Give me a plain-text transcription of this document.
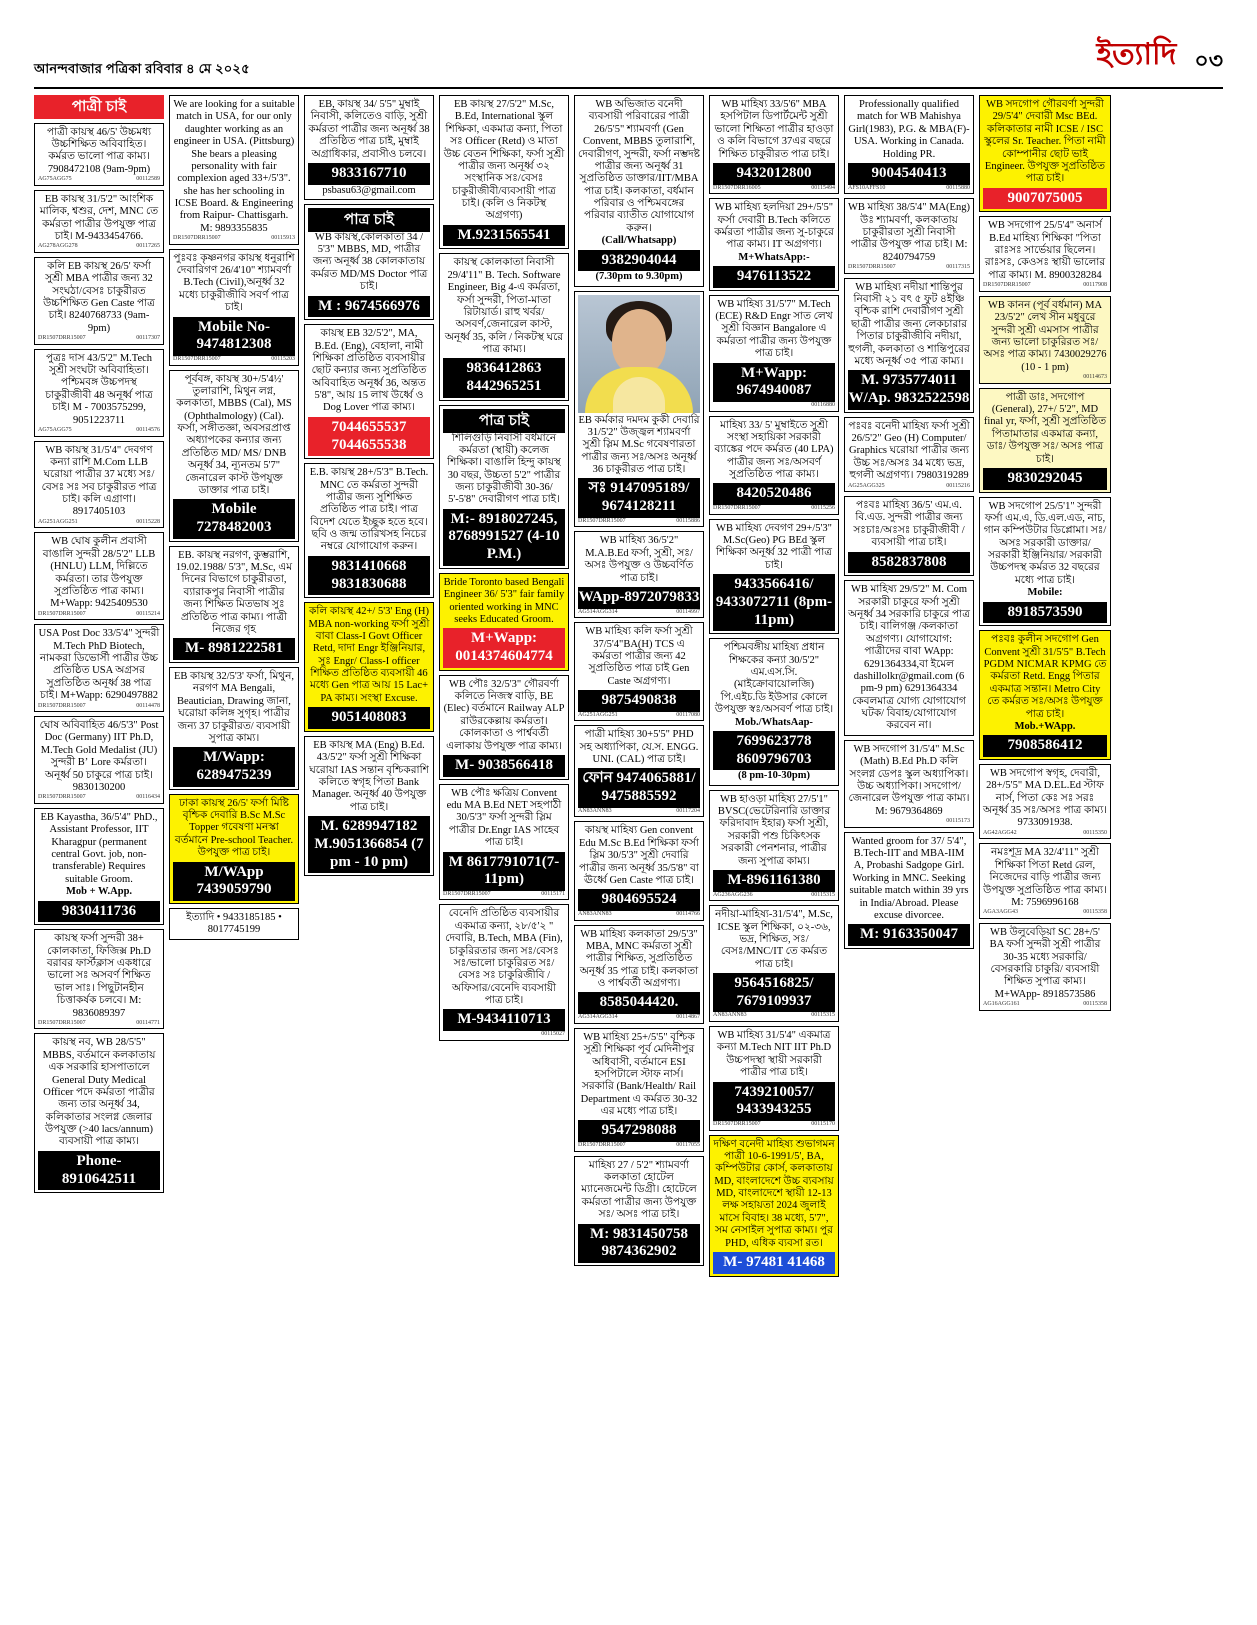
আনন্দবাজার পত্রিকা রবিবার ৪ মে ২০২৫	ইত্যাদি ০৩
পাত্রী চাই
পাত্রী কায়স্থ 46/5' উচ্চমধ্য উচ্চশিক্ষিত অবিবাহিত। কর্মরত ভালো পাত্র কাম্য। 7908472108 (9am-9pm)
AG75AGG75	00112589
EB কায়স্থ 31/5'2" আংশিক মালিক, শ্বশুর, দেশ, MNC তে কর্মরতা পাত্রীর উপযুক্ত পাত্র চাই। M-9433454766.
AG278AGG278	00117265
কলি EB কায়স্থ 26/5' ফর্সা সুশ্রী MBA পাত্রীর জন্য 32 সংঘঠা/বেসঃ চাকুরীরত উচ্চশিক্ষিত Gen Caste পাত্র চাই। 8240768733 (9am-9pm)
DR1507DRR15007	00117307
পুত্রঃ দাস 43/5'2" M.Tech সুশ্রী সংঘটা অবিবাহিতা। পশ্চিমবঙ্গ উচ্চপদস্থ চাকুরীজীবী 48 অনূর্ধ্ব পাত্র চাই। M - 7003575299, 9051223711
AG75AGG75	00114576
WB কায়স্থ 31/5'4" দেবগণ কন্যা রাশি M.Com LLB ঘরোয়া পাত্রীর 37 মধ্যে সঃ/বেসঃ সঃ সব চাকুরীরত পাত্র চাই। কলি এগ্রাণা। 8917405103
AG251AGG251	00115228
WB ঘোষ কুলীন প্রবাসী বাঙালি সুন্দরী 28/5'2" LLB (HNLU) LLM, দিল্লিতে কর্মরতা। তার উপযুক্ত সুপ্রতিষ্ঠিত পাত্র কাম্য। M+Wapp: 9425409530
DR1507DRR15007	00115214
USA Post Doc 33/5'4" সুন্দরী M.Tech PhD Biotech, নামকরা ডিভোর্সী পাত্রীর উচ্চ প্রতিষ্ঠিত USA অগ্রসর সুপ্রতিষ্ঠিত অনূর্ধ্ব 38 পাত্র চাই। M+Wapp: 6290497882
DR1507DRR15007	00114478
ঘোষ অবিবাহিত 46/5'3" Post Doc (Germany) IIT Ph.D, M.Tech Gold Medalist (JU) সুন্দরী Bʼ Lore কর্মরতা। অনূর্ধ্ব 50 চাকুরে পাত্র চাই। 9830130200
DR1507DRR15007	00116434
EB Kayastha, 36/5'4" PhD., Assistant Professor, IIT Kharagpur (permanent central Govt. job, non-transferable) Requires suitable Groom.
Mob + W.App.
9830411736
কায়স্থ ফর্সা সুন্দরী 38+ কোলকাতা, ফিজিক্স Ph.D বরাবর ফার্স্টক্লাস একধারে ভালো সঃ অসবর্ণ শিক্ষিত ভাল সাঃ। পিছুটানহীন চিত্তাকর্ষক চলবে। M: 9836089397
DR1507DRR15007	00114771
কায়স্থ নব, WB 28/5'5" MBBS, বর্তমানে কলকাতায় এক সরকারি হাসপাতালে General Duty Medical Officer পদে কর্মরতা পাত্রীর জন্য তার অনূর্ধ্ব 34, কলিকাতার সংলগ্ন জেলার উপযুক্ত (>40 lacs/annum) ব্যবসায়ী পাত্র কাম্য।
Phone- 8910642511
We are looking for a suitable match in USA, for our only daughter working as an engineer in USA. (Pittsburg) She bears a pleasing personality with fair complexion aged 33+/5'3". she has her schooling in ICSE Board. & Engineering from Raipur- Chattisgarh. M: 9893355835
DR1507DRR15007	00115913
পুঃবঃ কৃষ্ণনগর কায়স্থ ধনুরাশি দেবারিগণ 26/4'10" শ্যামবর্ণা B.Tech (Civil),অনূর্ধ্ব 32 মধ্যে চাকুরীজীবি সবর্ণ পাত্র চাই।
Mobile No- 9474812308
DR1507DRR15007	00115203
পূর্ববঙ্গ, কায়স্থ 30+/5'4½' তুলারাশি, মিথুন লগ্ন, কলকাতা, MBBS (Cal), MS (Ophthalmology) (Cal). ফর্সা, সঙ্গীতজ্ঞা, অবসরপ্রাপ্ত অধ্যাপকের কন্যার জন্য প্রতিষ্ঠিত MD/ MS/ DNB অনূর্ধ্ব 34, ন্যূনতম 5'7" জেনারেল কাস্ট উপযুক্ত ডাক্তার পাত্র চাই।
Mobile 7278482003
EB. কায়স্থ নরগণ, কুম্ভরাশি, 19.02.1988/ 5'3", M.Sc, এম দিনের বিভাগে চাকুরীরতা, ব্যারাকপুর নিবাসী পাত্রীর জন্য শিক্ষিত মিতভাষ সুঃ প্রতিষ্ঠিত পাত্র কাম্য। পাত্রী নিজের গৃহ
M- 8981222581
EB কায়স্থ 32/5'3' ফর্সা, মিথুন, নরগণ MA Bengali, Beautician, Drawing জানা, ঘরোয়া কলিঙ্গ সুগৃহ। পাত্রীর জন্য 37 চাকুরীরত/ ব্যবসায়ী সুপাত্র কাম্য।
M/Wapp: 6289475239
ঢাকা কায়স্থ 26/5' ফর্সা মিষ্টি বৃশ্চিক দেবারি B.Sc M.Sc Topper গবেষণা মনস্কা বর্তমানে Pre-school Teacher. উপযুক্ত পাত্র চাই।
M/WApp 7439059790
ইত্যাদি • 9433185185 • 8017745199
EB, কায়স্থ 34/ 5'5" মুম্বাই নিবাসী, কলিতেও বাড়ি, সুশ্রী কর্মরতা পাত্রীর জন্য অনূর্ধ্ব 38 প্রতিষ্ঠিত পাত্র চাই, মুম্বাই অগ্রাধিকার, প্রবাসীও চলবে।
9833167710
psbasu63@gmail.com
পাত্র চাই
WB কায়স্থ,কোলকাতা 34 / 5'3" MBBS, MD, পাত্রীর জন্য অনূর্ধ্ব 38 কোলকাতায় কর্মরত MD/MS Doctor পাত্র চাই।
M : 9674566976
কায়স্থ EB 32/5'2", MA, B.Ed. (Eng), বেহালা, নামী শিক্ষিকা প্রতিষ্ঠিত ব্যবসায়ীর ছোট কন্যার জন্য সুপ্রতিষ্ঠিত অবিবাহিত অনূর্ধ্ব 36, অন্তত 5'8", আয় 15 লাখ উর্ধ্বে ও Dog Lover পাত্র কাম্য।
7044655537 7044655538
E.B. কায়স্থ 28+/5'3" B.Tech. MNC তে কর্মরতা সুন্দরী পাত্রীর জন্য সুশিক্ষিত প্রতিষ্ঠিত পাত্র চাই। পাত্র বিদেশ যেতে ইচ্ছুক হতে হবে। ছবি ও জন্ম তারিখসহ নিচের নম্বরে যোগাযোগ করুন।
9831410668 9831830688
কলি কায়স্থ 42+/ 5'3' Eng (H) MBA non-working ফর্সা সুশ্রী বাবা Class-I Govt Officer Retd, দাদা Engr ইঞ্জিনিয়ার, সুঃ Engr/ Class-I officer শিক্ষিত প্রতিষ্ঠিত ব্যবসায়ী 46 মধ্যে Gen পাত্র আয় 15 Lac+ PA কাম্য। সংস্থা Excuse.
9051408083
EB কায়স্থ MA (Eng) B.Ed. 43/5'2" ফর্সা সুশ্রী শিক্ষিকা ঘরোয়া IAS সন্তান বৃশ্চিকরাশি কলিতে স্বগৃহ পিতা Bank Manager. অনূর্ধ্ব 40 উপযুক্ত পাত্র চাই।
M. 6289947182 M.9051366854 (7 pm - 10 pm)
EB কায়স্থ 27/5'2" M.Sc, B.Ed, International স্কুল শিক্ষিকা, একমাত্র কন্যা, পিতা সঃ Officer (Retd) ও মাতা উচ্চ বেতন শিক্ষিকা, ফর্সা সুশ্রী পাত্রীর জন্য অনূর্ধ্ব ৩২ সংস্থানিক সঃ/বেসঃ চাকুরীজীবী/ব্যবসায়ী পাত্র চাই। (কলি ও নিকটস্থ অগ্রগণ্য)
M.9231565541
কায়স্থ কোলকাতা নিবাসী 29/4'11" B. Tech. Software Engineer, Big 4-এ কর্মরতা, ফর্সা সুন্দরী, পিতা-মাতা রিটায়ার্ড। রাহু খর্বর/অসবর্ণ,জেনারেল কাস্ট, অনূর্ধ্ব 35, কলি / নিকটস্থ ঘরে পাত্র কাম্য।
9836412863 8442965251
পাত্র চাই
শিলিগুড়ি নিবাসী বর্ধমানে কর্মরতা (স্থায়ী) কলেজ শিক্ষিকা। বাঙালি হিন্দু কায়স্থ 30 বছর, উচ্চতা 5'2" পাত্রীর জন্য চাকুরীজীবী 30-36/ 5'-5'8" দেবারীগণ পাত্র চাই।
M:- 8918027245, 8768991527 (4-10 P.M.)
Bride Toronto based Bengali Engineer 36/ 5'3" fair family oriented working in MNC seeks Educated Groom.
M+Wapp: 0014374604774
WB পৌঃ 32/5'3" গৌরবর্ণা কলিতে নিজস্ব বাড়ি, BE (Elec) বর্তমানে Railway ALP রাউরকেল্লায় কর্মরতা। কোলকাতা ও পার্শ্ববর্তী এলাকায় উপযুক্ত পাত্র কাম্য।
M- 9038566418
WB পৌঃ ক্ষত্রিয় Convent edu MA B.Ed NET সহপাঠী 30/5'3" ফর্সা সুন্দরী স্লিম পাত্রীর Dr.Engr IAS সাহেব পাত্র চাই।
M 8617791071(7-11pm)
DR1507DRR15007	00115171
বেনেদি প্রতিষ্ঠিত ব্যবসায়ীর একমাত্র কন্যা, ২৮/৫'২ " দেবারি, B.Tech, MBA (Fin), চাকুরিরতার জন্য সঃ/বেসঃ সঃ/ভালো চাকুরিরত সঃ/বেসঃ সঃ চাকুরিজীবি / অফিসার/বেনেদি ব্যবসায়ী পাত্র চাই।
M-9434110713
00115027
WB অভিজাত বনেদী ব্যবসায়ী পরিবারের পাত্রী 26/5'5" শ্যামবর্ণা (Gen Convent, MBBS তুলারাশি, দেবারীগণ, সুন্দরী, ফর্সা নম্ভদষ্ট পাত্রীর জন্য অনূর্ধ্ব 31 সুপ্রতিষ্ঠিত ডাক্তার/IIT/MBA পাত্র চাই। কলকাতা, বর্ধমান পরিবার ও পশ্চিমবঙ্গের পরিবার ব্যাতীত যোগাযোগ করুন।
(Call/Whatsapp)
9382904044
(7.30pm to 9.30pm)
EB কর্মকার দমদম কুকী দেবারি 31/5'2" উজ্জ্বল শ্যামবর্ণা সুশ্রী স্লিম M.Sc গবেষণারতা পাত্রীর জন্য সঃ/অসঃ অনূর্ধ্ব 36 চাকুরীরত পাত্র চাই।
সঃ 9147095189/ 9674128211
DR1507DRR15007	00115886
WB মাহিষ্য 36/5'2" M.A.B.Ed ফর্সা, সুশ্রী, সঃ/অসঃ উপযুক্ত ও উচ্চবর্ণিত পাত্র চাই।
WApp-8972079833
AG514AGG314	00114997
WB মাহিষ্য কলি ফর্সা সুশ্রী 37/5'4"BA(H) TCS এ কর্মরতা পাত্রীর জন্য 42 সুপ্রতিষ্ঠিত পাত্র চাই Gen Caste অগ্রগণ্য।
9875490838
AG251AGG251	00117080
পাত্রী মাহিষ্য 30+5'5" PHD সহ অধ্যাপিকা, যে.স. ENGG. UNI. (CAL) পাত্র চাই।
ফোন 9474065881/ 9475885592
AN83ANN83	00117204
কায়স্থ মাহিষ্য Gen convent Edu M.Sc B.Ed শিক্ষিকা ফর্সা স্লিম 30/5'3" সুশ্রী দেবারি পাত্রীর জন্য অনূর্ধ্ব 35/5'8" বা ঊর্ধ্বে Gen Caste পাত্র চাই।
9804695524
AN83ANN83	00114766
WB মাহিষ্য কলকাতা 29/5'3" MBA, MNC কর্মরতা সুশ্রী পাত্রীর শিক্ষিত, সুপ্রতিষ্ঠিত অনূর্ধ্ব 35 পাত্র চাই। কলকাতা ও পার্শ্ববর্তী অগ্রগণ্য।
8585044420.
AG314AGG314	00114867
WB মাহিষ্য 25+/5'5" বৃশ্চিক সুশ্রী শিক্ষিকা পূর্ব মেদিনীপুর অধিবাসী, বর্তমানে ESI হসপিটালে স্টাফ নার্স। সরকারি (Bank/Health/ Rail Department এ কর্মরত 30-32 এর মধ্যে পাত্র চাই।
9547298088
DR1507DRR15007	00117055
মাহিষ্য 27 / 5'2" শ্যামবর্ণা কলকাতা হোটেল ম্যানেজমেন্ট ডিগ্রী। হোটেলে কর্মরতা পাত্রীর জন্য উপযুক্ত সঃ/ অসঃ পাত্র চাই।
M: 9831450758 9874362902
WB মাহিষ্য 33/5'6" MBA হসপিটাল ডিপার্টমেন্ট সুশ্রী ভালো শিক্ষিতা পাত্রীর হাওড়া ও কলি বিভাগে 37এর বছরে শিক্ষিত চাকুরীরত পাত্র চাই।
9432012800
DR1507DRR16005	00115494
WB মাহিষ্য হলদিয়া 29+/5'5" ফর্সা দেবারী B.Tech কলিতে কর্মরতা পাত্রীর জন্য সু-চাকুরে পাত্র কাম্য। IT অগ্রগণ্য।
M+WhatsApp:-
9476113522
WB মাহিষ্য 31/5'7" M.Tech (ECE) R&D Engr সাত লেখ সুশ্রী বিজ্ঞান Bangalore এ কর্মরতা পাত্রীর জন্য উপযুক্ত পাত্র চাই।
M+Wapp: 9674940087
00116880
মাহিষ্য 33/ 5' মুম্বাইতে সুশ্রী সংস্থা সহায়িকা সরকারী ব্যাঙ্কের পদে কর্মরত (40 LPA) পাত্রীর জন্য সঃ/অসবর্ণ সুপ্রতিষ্ঠিত পাত্র কাম্য।
8420520486
DR1507DRR15007	00115256
WB মাহিষ্য দেবগণ 29+/5'3" M.Sc(Geo) PG BEd স্কুল শিক্ষিকা অনূর্ধ্ব 32 পাত্রী পাত্র চাই।
9433566416/ 9433072711 (8pm-11pm)
পশ্চিমবঙ্গীয় মাহিষ্য প্রধান শিক্ষকের কন্যা 30/5'2" এম.এস.সি. (মাইক্রোবায়োলজি) পি.এইচ.ডি ইউসার কোলে উপযুক্ত স্বঃ/অসবর্ণ পাত্র চাই।
Mob./WhatsAap-
7699623778 8609796703
(8 pm-10-30pm)
WB হাওড়া মাহিষ্য 27/5'1" BVSC(ভেটেরিনারি ডাক্তার ফরিদাবাদ ইহার) ফর্সা সুশ্রী, সরকারী পশু চিকিৎসক সরকারী পেনশনার, পাত্রীর জন্য সুপাত্র কাম্য।
M-8961161380
AG236AGG236	00115315
নদীয়া-মাহিষ্য-31/5'4", M.Sc, ICSE স্কুল শিক্ষিকা, ০২-৩৬, ভদ্র, শিক্ষিত, সঃ/বেসঃ/MNC/IT তে কর্মরত পাত্র চাই।
9564516825/ 7679109937
AN83ANN83	00115315
WB মাহিষ্য 31/5'4" একমাত্র কন্যা M.Tech NIT IIT Ph.D উচ্চপদস্থা স্থায়ী সরকারী পাত্রীর পাত্র চাই।
7439210057/ 9433943255
DR1507DRR15007	00115170
দক্ষিণ বনেদী মাহিষ্য শুভাগমন পাত্রী 10-6-1991/5', BA, কম্পিউটার কোর্স, কলকাতায় MD, বাংলাদেশে উচ্চ ব্যবসায় MD, বাংলাদেশে স্থায়ী 12-13 লক্ষ সহায়তা 2024 জুলাই মাসে বিবাহ। 38 মধ্যে, 5'7", সম নেসাইল সুপাত্র কাম্য। পুর PHD, এধিক ব্যবসা রত।
M- 97481 41468
Professionally qualified match for WB Mahishya Girl(1983), P.G. & MBA(F)-USA. Working in Canada. Holding PR.
9004540413
AFS10AFFS10	00115880
WB মাহিষ্য 38/5'4" MA(Eng) উঃ শ্যামবর্ণা, কলকাতায় চাকুরীরতা সুশ্রী নিবাসী পাত্রীর উপযুক্ত পাত্র চাই। M: 8240794759
DR1507DRR15007	00117315
WB মাহিষ্য নদীয়া শান্তিপুর নিবাসী ২১ বৎ ৫ ফুট ৪ইঞ্চি বৃশ্চিক রাশি দেবারীগণ সুশ্রী ছাত্রী পাত্রীর জন্য লেকচারার পিতার চাকুরীজীবি নদীয়া, হুগলী, কলকাতা ও শান্তিপুরের মধ্যে অনূর্ধ্ব ৩৫ পাত্র কাম্য।
M. 9735774011 W/Ap. 9832522598
পঃবঃ বনেদী মাহিষ্য ফর্সা সুশ্রী 26/5'2" Geo (H) Computer/ Graphics ঘরোয়া পাত্রীর জন্য উচ্চ সঃ/অসঃ 34 মধ্যে ভদ্র, হুগলী অগ্রগণ্য। 7980319289
AG25AGG325	00115216
পঃবঃ মাহিষ্য 36/5' এম.এ. বি.এড. সুন্দরী পাত্রীর জন্য সঃচাঃ/অঃসঃ চাকুরীজীবী / ব্যবসায়ী পাত্র চাই।
8582837808
WB মাহিষ্য 29/5'2" M. Com সরকারী চাকুরে ফর্সা সুশ্রী অনূর্ধ্ব 34 সরকারি চাকুরে পাত্র চাই। বালিগঞ্জ /কলকাতা অগ্রগণ্য। যোগাযোগ: পাত্রীদের বাবা WApp: 6291364334,বা ইমেল dashillolkr@gmail.com (6 pm-9 pm) 6291364334 কেবলমাত্র যোগ্য যোগাযোগ ঘটক/ বিবাহ/যোগাযোগ করবেন না।
WB সদগোপ 31/5'4" M.Sc (Math) B.Ed Ph.D কলি সংলগ্ন ডেপঃ স্কুল অধ্যাপিকা। উচ্চ অধ্যাপিকা। সদগোপ/জেনারেল উপযুক্ত পাত্র কাম্য। M: 9679364869
00115173
Wanted groom for 37/ 5'4", B.Tech-IIT and MBA-IIM A, Probashi Sadgope Girl. Working in MNC. Seeking suitable match within 39 yrs in India/Abroad. Please excuse divorcee.
M: 9163350047
WB সদগোপ গৌরবর্ণা সুন্দরী 29/5'4" দেবারী Msc BEd. কলিকাতার নামী ICSE / ISC স্কুলের Sr. Teacher. পিতা নামী কোম্পানীর ছোট ভাই Engineer. উপযুক্ত সুপ্রতিষ্ঠিত পাত্র চাই।
9007075005
WB সদগোপ 25/5'4" অনার্স B.Ed মাহিষ্য শিক্ষিকা "পিতা রাঃসঃ সার্ভেয়ার ছিলেন। রাঃসঃ, কেওসঃ স্থায়ী ভালোর পাত্র কাম্য। M. 8900328284
DR1507DRR15007	00117908
WB কানন (পূর্ব বর্ধমান) MA 23/5'2" লেখ সীন মধুবুরে সুন্দরী সুশ্রী এমসাস পাত্রীর জন্য ভালো চাকুরিরত সঃ/অসঃ পাত্র কাম্য। 7430029276 (10 - 1 pm)
00114673
পাত্রী ডাঃ, সদগোপ (General), 27+/ 5'2", MD final yr, ফর্সা, সুশ্রী সুপ্রতিষ্ঠিত পিতামাতার একমাত্র কন্যা, ডাঃ/ উপযুক্ত সঃ/ অসঃ পাত্র চাই।
9830292045
WB সদগোপ 25/5'1" সুন্দরী ফর্সা এম.এ, ডি.এল.এড, নাচ, গান কম্পিউটার ডিপ্লোমা। সঃ/অসঃ সরকারী ডাক্তার/ সরকারী ইঞ্জিনিয়ার/ সরকারী উচ্চপদস্থ কর্মরত 32 বছরের মধ্যে পাত্র চাই।
Mobile:
8918573590
পঃবঃ কুলীন সদগোপ Gen Convent সুশ্রী 31/5'5" B.Tech PGDM NICMAR KPMG তে কর্মরতা Retd. Engg পিতার একমাত্র সন্তান। Metro City তে কর্মরত সঃ/অসঃ উপযুক্ত পাত্র চাই।
Mob.+WApp.
7908586412
WB সদগোপ স্বগৃহ, দেবারী, 28+/5'5" MA D.EL.Ed স্টাফ নার্স, পিতা কেঃ সঃ সরঃ অনূর্ধ্ব 35 সঃ/অসঃ পাত্র কাম্য। 9733091938.
AG42AGG42	00115350
নমঃশূদ্র MA 32/4'11" সুশ্রী শিক্ষিকা পিতা Retd রেল, নিজেদের বাড়ি পাত্রীর জন্য উপযুক্ত সুপ্রতিষ্ঠিত পাত্র কাম্য। M: 7596996168
AGA3AGG43	00115358
WB উলুবেড়িয়া SC 28+/5' BA ফর্সা সুন্দরী সুশ্রী পাত্রীর 30-35 মধ্যে সরকারি/বেসরকারি চাকুরি/ ব্যবসায়ী শিক্ষিত সুপাত্র কাম্য। M+WApp- 8918573586
AG16AGG161	00115358
